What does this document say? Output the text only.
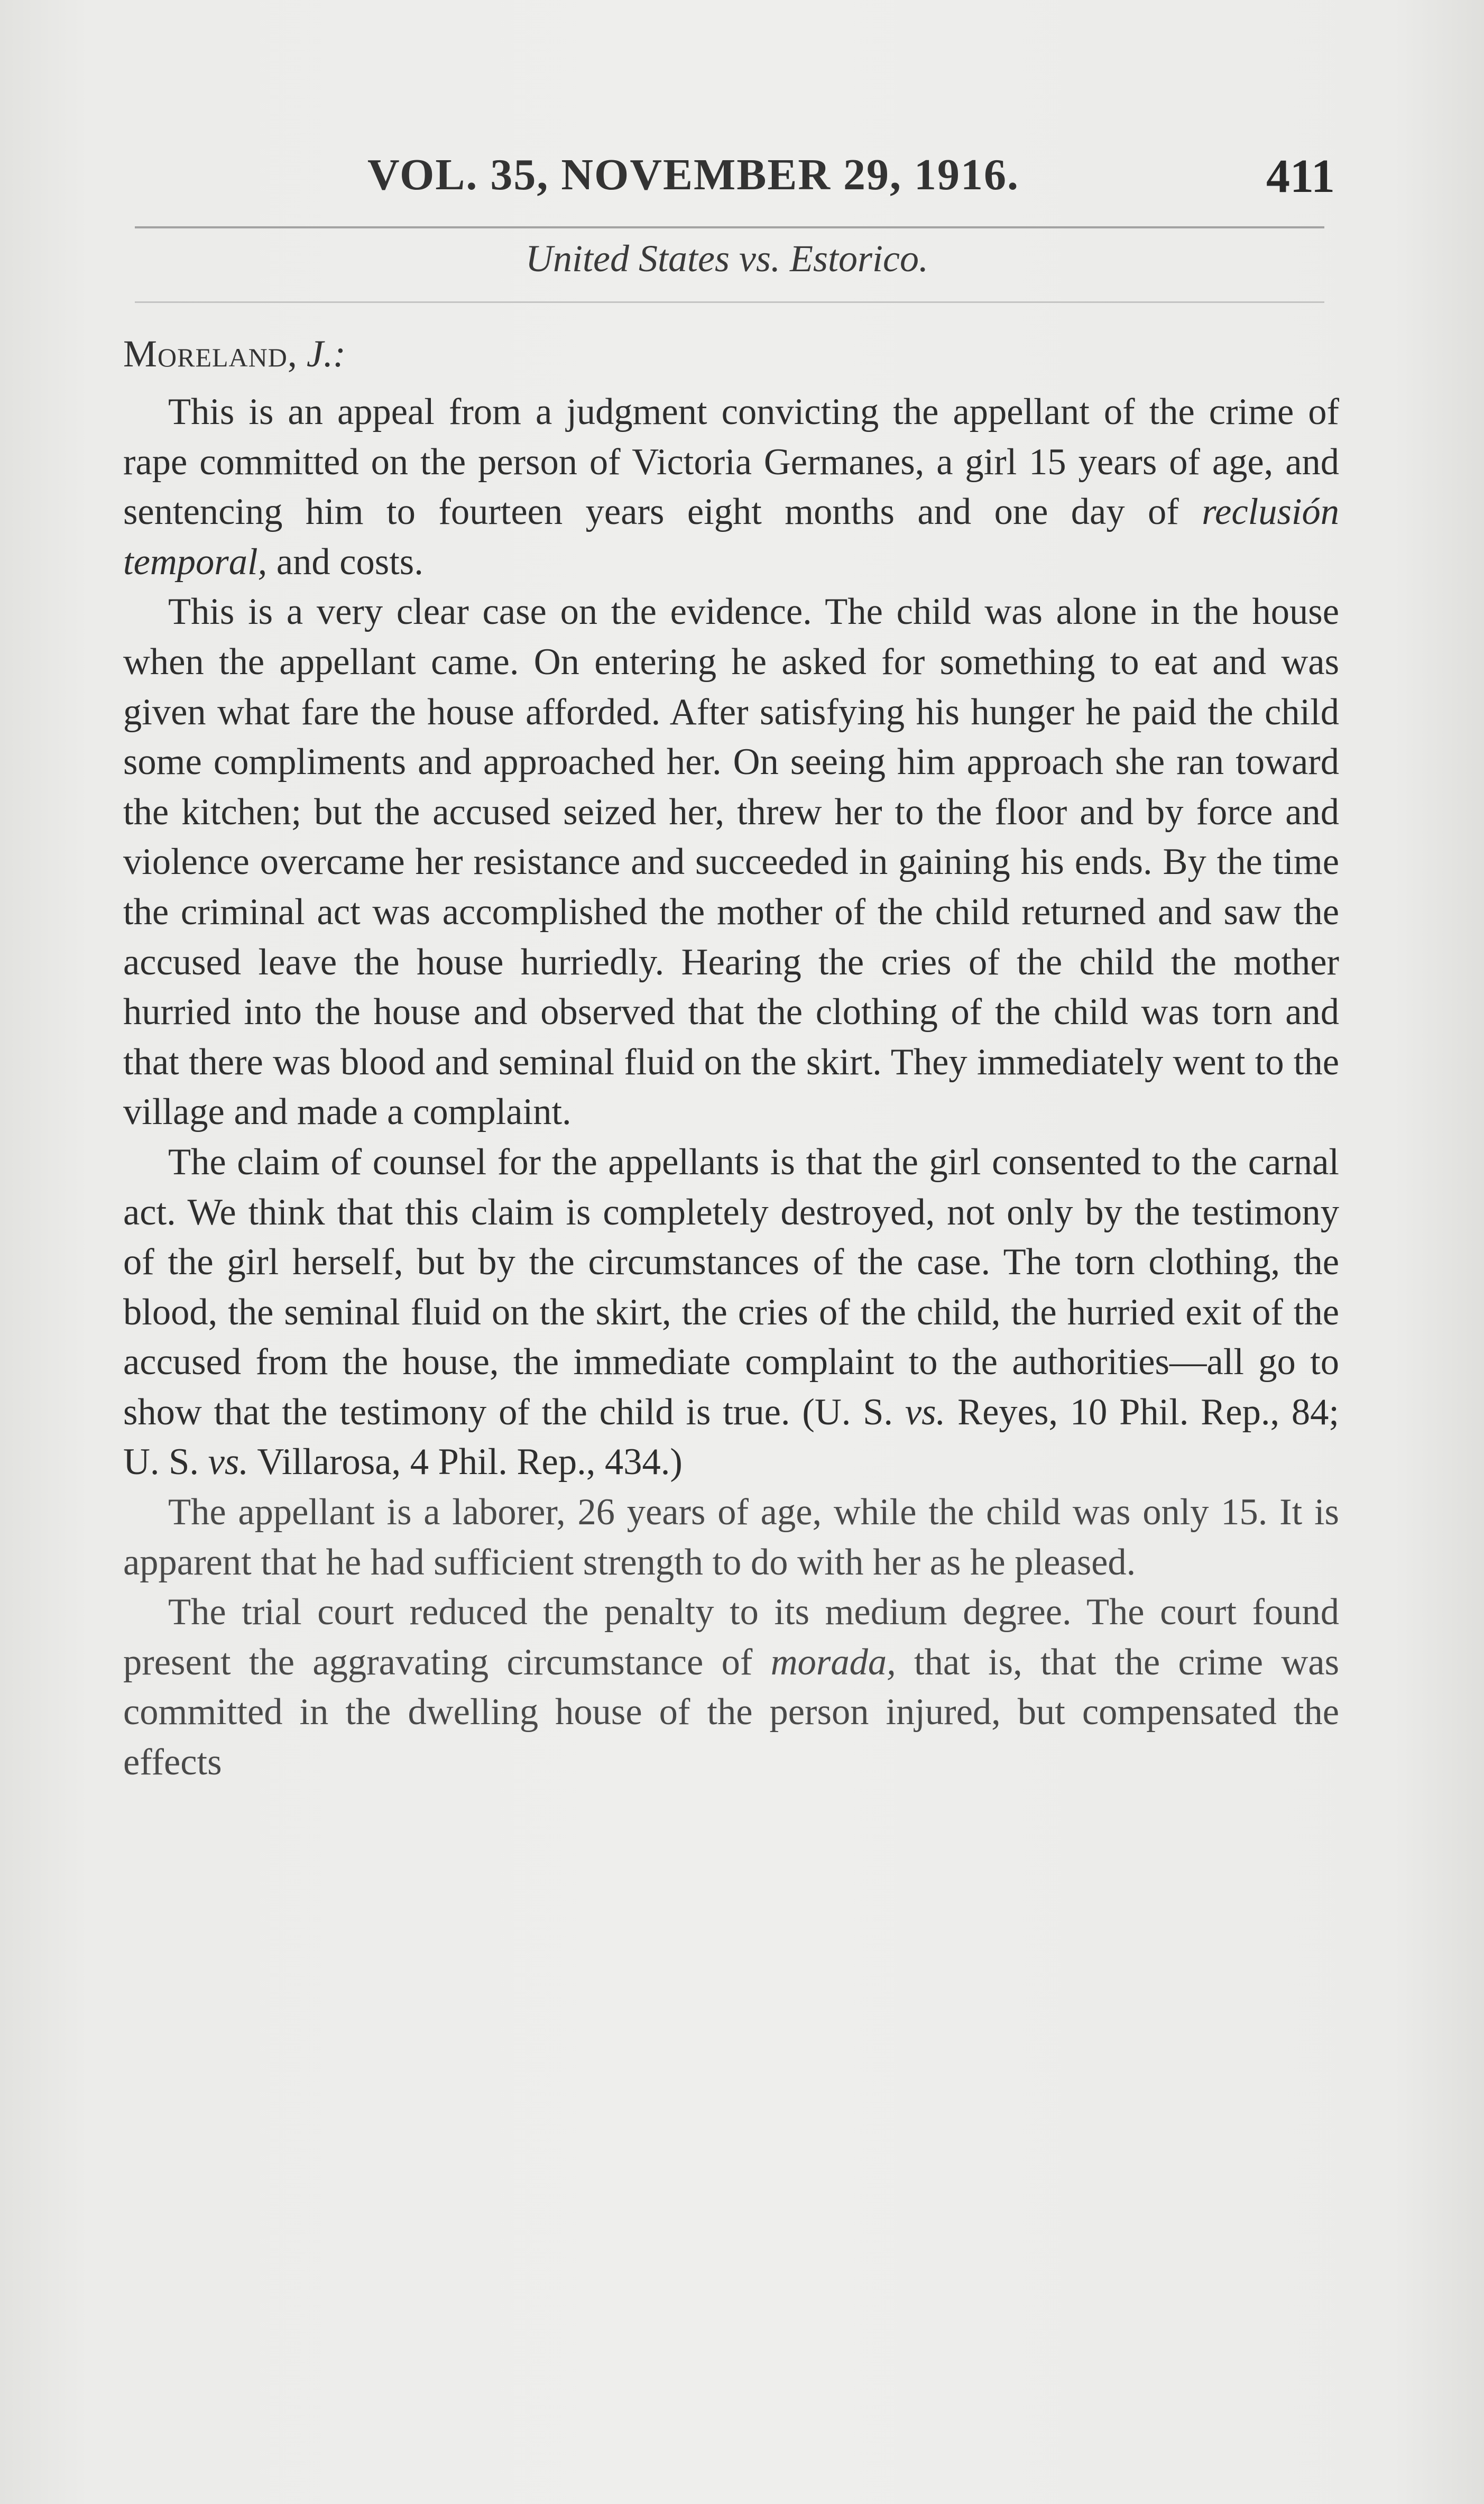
VOL. 35, NOVEMBER 29, 1916.	411
United States vs. Estorico.
Moreland, J.:

This is an appeal from a judgment convicting the appellant of the crime of rape committed on the person of Victoria Germanes, a girl 15 years of age, and sentencing him to fourteen years eight months and one day of reclusión temporal, and costs.

This is a very clear case on the evidence. The child was alone in the house when the appellant came. On entering he asked for something to eat and was given what fare the house afforded. After satisfying his hunger he paid the child some compliments and approached her. On seeing him approach she ran toward the kitchen; but the accused seized her, threw her to the floor and by force and violence overcame her resistance and succeeded in gaining his ends. By the time the criminal act was accomplished the mother of the child returned and saw the accused leave the house hurriedly. Hearing the cries of the child the mother hurried into the house and observed that the clothing of the child was torn and that there was blood and seminal fluid on the skirt. They immediately went to the village and made a complaint.

The claim of counsel for the appellants is that the girl consented to the carnal act. We think that this claim is completely destroyed, not only by the testimony of the girl herself, but by the circumstances of the case. The torn clothing, the blood, the seminal fluid on the skirt, the cries of the child, the hurried exit of the accused from the house, the immediate complaint to the authorities—all go to show that the testimony of the child is true. (U. S. vs. Reyes, 10 Phil. Rep., 84; U. S. vs. Villarosa, 4 Phil. Rep., 434.)

The appellant is a laborer, 26 years of age, while the child was only 15. It is apparent that he had sufficient strength to do with her as he pleased.

The trial court reduced the penalty to its medium degree. The court found present the aggravating circumstance of morada, that is, that the crime was committed in the dwelling house of the person injured, but compensated the effects
